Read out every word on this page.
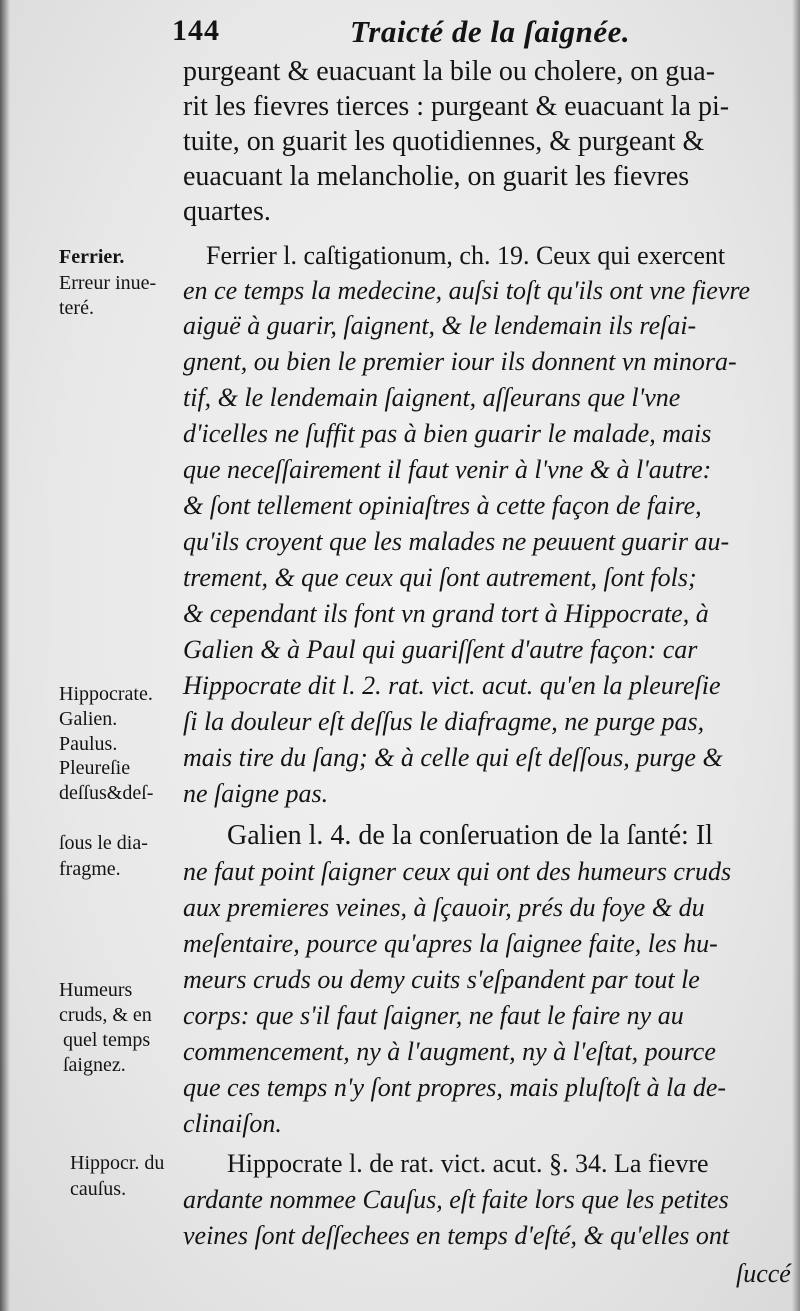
144	Traicté de la ſaignée.
purgeant & euacuant la bile ou cholere, on gua-
rit les fievres tierces : purgeant & euacuant la pi-
tuite, on guarit les quotidiennes, & purgeant &
euacuant la melancholie, on guarit les fievres
quartes.
Ferrier l. caſtigationum, ch. 19. Ceux qui exercent
en ce temps la medecine, auſsi toſt qu'ils ont vne fievre
aiguë à guarir, ſaignent, & le lendemain ils reſai-
gnent, ou bien le premier iour ils donnent vn minora-
tif, & le lendemain ſaignent, aſſeurans que l'vne
d'icelles ne ſuffit pas à bien guarir le malade, mais
que neceſſairement il faut venir à l'vne & à l'autre:
& ſont tellement opiniaſtres à cette façon de faire,
qu'ils croyent que les malades ne peuuent guarir au-
trement, & que ceux qui ſont autrement, ſont fols;
& cependant ils font vn grand tort à Hippocrate, à
Galien & à Paul qui guariſſent d'autre façon: car
Hippocrate dit l. 2. rat. vict. acut. qu'en la pleureſie
ſi la douleur eſt deſſus le diafragme, ne purge pas,
mais tire du ſang; & à celle qui eſt deſſous, purge &
ne ſaigne pas.
Galien l. 4. de la conſeruation de la ſanté: Il
ne faut point ſaigner ceux qui ont des humeurs cruds
aux premieres veines, à ſçauoir, prés du foye & du
meſentaire, pource qu'apres la ſaignee faite, les hu-
meurs cruds ou demy cuits s'eſpandent par tout le
corps: que s'il faut ſaigner, ne faut le faire ny au
commencement, ny à l'augment, ny à l'eſtat, pource
que ces temps n'y ſont propres, mais pluſtoſt à la de-
clinaiſon.
Hippocrate l. de rat. vict. acut. §. 34. La fievre
ardante nommee Cauſus, eſt faite lors que les petites
veines ſont deſſechees en temps d'eſté, & qu'elles ont
ſuccé
Ferrier.
Erreur inue-
teré.
Hippocrate.
Galien.
Paulus.
Pleureſie
deſſus&deſ-
ſous le dia-
fragme.
Humeurs
cruds, & en
quel temps
ſaignez.
Hippocr. du
cauſus.
